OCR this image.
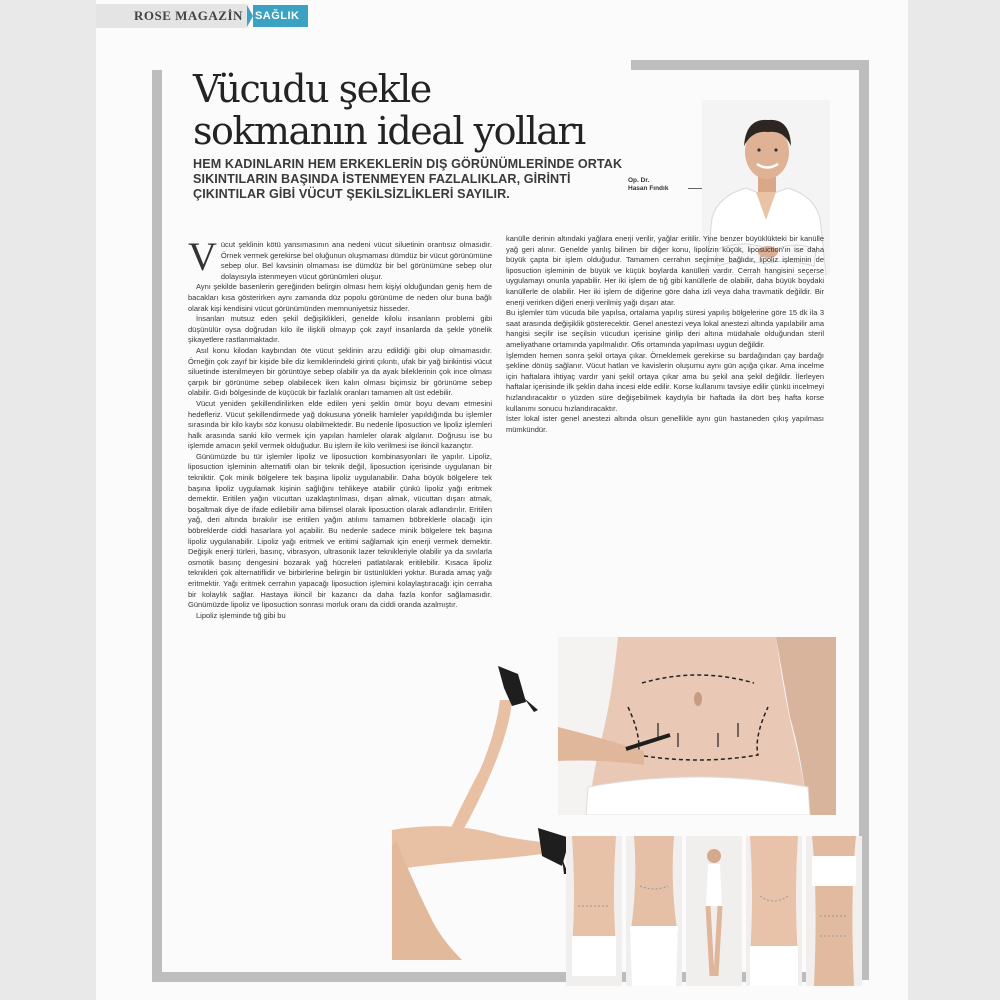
ROSE MAGAZİN	SAĞLIK
Vücudu şekle
sokmanın ideal yolları

HEM KADINLARIN HEM ERKEKLERİN DIŞ GÖRÜNÜMLERİNDE ORTAK SIKINTILARIN BAŞINDA İSTENMEYEN FAZLALIKLAR, GİRİNTİ ÇIKINTILAR GİBİ VÜCUT ŞEKİLSİZLİKLERİ SAYILIR.

Op. Dr.
Hasan Fındık
V ücut şeklinin kötü yansımasının ana nedeni vücut siluetinin orantısız olmasıdır. Örnek vermek gerekirse bel oluğunun oluşmaması dümdüz bir vücut görünümüne sebep olur. Bel kavsinin olmaması ise dümdüz bir bel görünümüne sebep olur dolayısıyla istenmeyen vücut görünümleri oluşur.

Aynı şekilde basenlerin gereğinden belirgin olması hem kişiyi olduğundan geniş hem de bacakları kısa gösterirken aynı zamanda düz popolu görünüme de neden olur buna bağlı olarak kişi kendisini vücut görünümünden memnuniyetsiz hisseder.

İnsanları mutsuz eden şekil değişiklikleri, genelde kilolu insanların problemi gibi düşünülür oysa doğrudan kilo ile ilişkili olmayıp çok zayıf insanlarda da şekle yönelik şikayetlere rastlanmaktadır.

Asıl konu kilodan kaybından öte vücut şeklinin arzu edildiği gibi olup olmamasıdır. Örneğin çok zayıf bir kişide bile diz kemiklerindeki girinti çıkıntı, ufak bir yağ birikintisi vücut siluetinde istenilmeyen bir görüntüye sebep olabilir ya da ayak bileklerinin çok ince olması çarpık bir görünüme sebep olabilecek iken kalın olması biçimsiz bir görünüme sebep olabilir. Gıdı bölgesinde de küçücük bir fazlalık oranları tamamen alt üst edebilir.

Vücut yeniden şekillendirilirken elde edilen yeni şeklin ömür boyu devam etmesini hedefleriz. Vücut şekillendirmede yağ dokusuna yönelik hamleler yapıldığında bu işlemler sırasında bir kilo kaybı söz konusu olabilmektedir. Bu nedenle liposuction ve lipoliz işlemleri halk arasında sanki kilo vermek için yapılan hamleler olarak algılanır. Doğrusu ise bu işlemde amacın şekil vermek olduğudur. Bu işlem ile kilo verilmesi ise ikincil kazançtır.

Günümüzde bu tür işlemler lipoliz ve liposuction kombinasyonları ile yapılır. Lipoliz, liposuction işleminin alternatifi olan bir teknik değil, liposuction içerisinde uygulanan bir tekniktir. Çok minik bölgelere tek başına lipoliz uygulanabilir. Daha büyük bölgelere tek başına lipoliz uygulamak kişinin sağlığını tehlikeye atabilir çünkü lipoliz yağı eritmek demektir. Eritilen yağın vücuttan uzaklaştırılması, dışarı almak, vücuttan dışarı atmak, boşaltmak diye de ifade edilebilir ama bilimsel olarak liposuction olarak adlandırılır. Eritilen yağ, deri altında bırakılır ise eritilen yağın atılımı tamamen böbreklerle olacağı için böbreklerde ciddi hasarlara yol açabilir. Bu nedenle sadece minik bölgelere tek başına lipoliz uygulanabilir. Lipoliz yağı eritmek ve eritimi sağlamak için enerji vermek demektir. Değişik enerji türleri, basınç, vibrasyon, ultrasonik lazer teknikleriyle olabilir ya da sıvılarla osmotik basınç dengesini bozarak yağ hücreleri patlatılarak eritilebilir. Kısaca lipoliz teknikleri çok alternatiflidir ve birbirlerine belirgin bir üstünlükleri yoktur. Burada amaç yağı eritmektir. Yağı eritmek cerrahın yapacağı liposuction işlemini kolaylaştıracağı için cerraha bir kolaylık sağlar. Hastaya ikincil bir kazancı da daha fazla konfor sağlamasıdır. Günümüzde lipoliz ve liposuction sonrası morluk oranı da ciddi oranda azalmıştır.

Lipoliz işleminde tığ gibi bu

kanülle derinin altındaki yağlara enerji verilir, yağlar eritilir. Yine benzer büyüklükteki bir kanülle yağ geri alınır. Genelde yanlış bilinen bir diğer konu, lipolizin küçük, liposuction'ın ise daha büyük çapta bir işlem olduğudur. Tamamen cerrahın seçimine bağlıdır, lipoliz işleminin de liposuction işleminin de büyük ve küçük boylarda kanülleri vardır. Cerrah hangisini seçerse uygulamayı onunla yapabilir. Her iki işlem de tığ gibi kanüllerle de olabilir, daha büyük boydaki kanüllerle de olabilir. Her iki işlem de diğerine göre daha izli veya daha travmatik değildir. Bir enerji verirken diğeri enerji verilmiş yağı dışarı atar.

Bu işlemler tüm vücuda bile yapılsa, ortalama yapılış süresi yapılış bölgelerine göre 15 dk ila 3 saat arasında değişiklik gösterecektir. Genel anestezi veya lokal anestezi altında yapılabilir ama hangisi seçilir ise seçilsin vücudun içerisine girilip deri altına müdahale olduğundan steril ameliyathane ortamında yapılmalıdır. Ofis ortamında yapılması uygun değildir.

İşlemden hemen sonra şekil ortaya çıkar. Örneklemek gerekirse su bardağından çay bardağı şekline dönüş sağlanır. Vücut hatları ve kavislerin oluşumu aynı gün açığa çıkar. Ama incelme için haftalara ihtiyaç vardır yani şekil ortaya çıkar ama bu şekil ana şekil değildir. İlerleyen haftalar içerisinde ilk şeklin daha incesi elde edilir. Korse kullanımı tavsiye edilir çünkü incelmeyi hızlandıracaktır o yüzden süre değişebilmek kaydıyla bir haftada ila dört beş hafta korse kullanımı sonucu hızlandıracaktır.

İster lokal ister genel anestezi altında olsun genellikle aynı gün hastaneden çıkış yapılması mümkündür.
